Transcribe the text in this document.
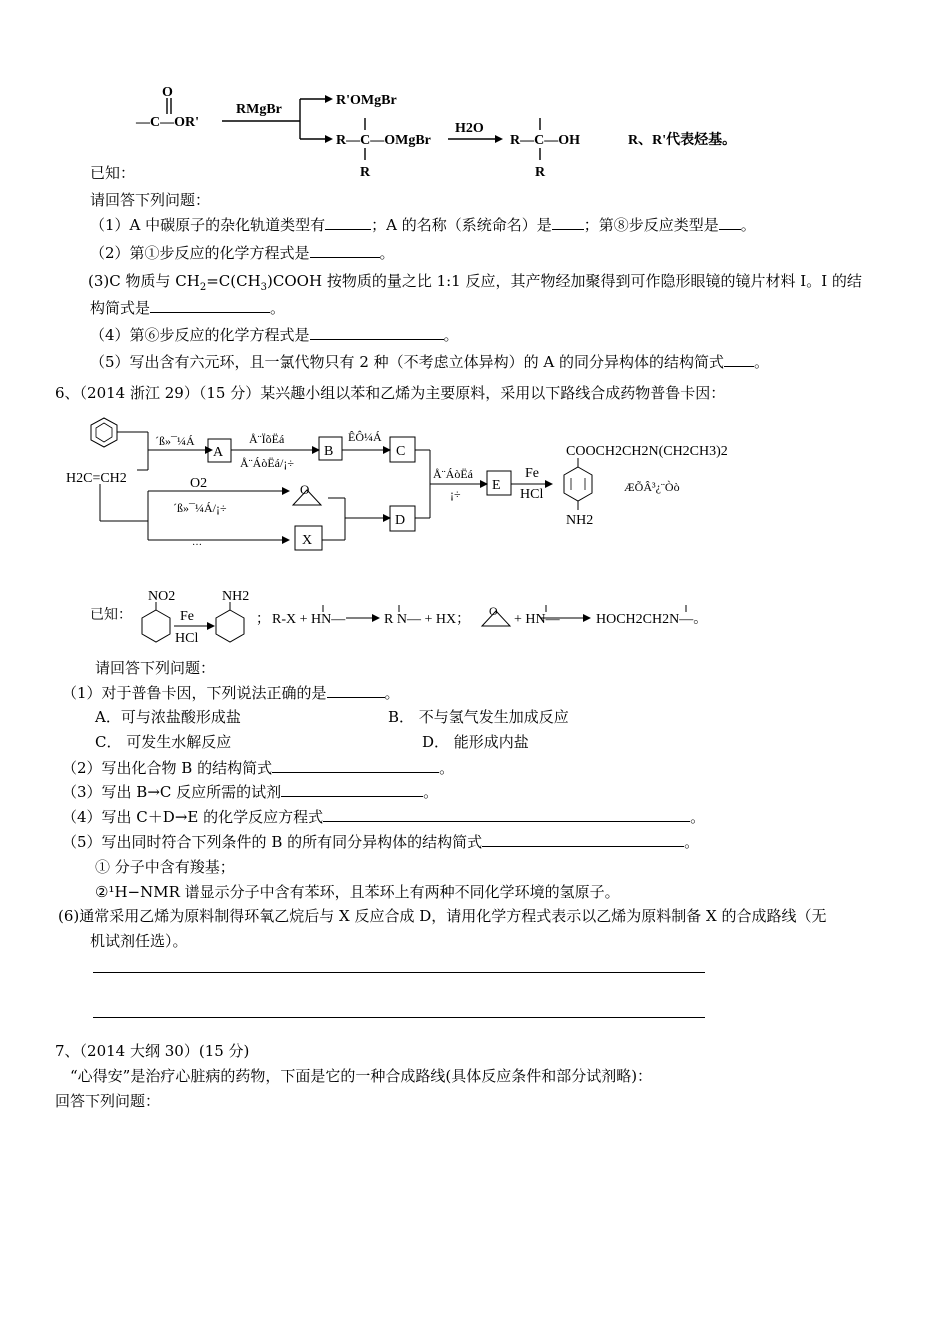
O
—C—OR'
RMgBr
R'OMgBr
R—C—OMgBr
R
H2O
R—C—OH
R
R、R'代表烃基。
已知：
请回答下列问题：
（1）A 中碳原子的杂化轨道类型有	；A 的名称（系统命名）是 ；第⑧步反应类型是 。
（2）第①步反应的化学方程式是	。
(3)C 物质与 $CH_2=C(CH_3)COOH$ 按物质的量之比 1:1 反应，其产物经加聚得到可作隐形眼镜的镜片材料 I。I 的结
构简式是	。
（4）第⑥步反应的化学方程式是	。
（5）写出含有六元环，且一氯代物只有 2 种（不考虑立体异构）的 A 的同分异构体的结构简式 。
6、（2014 浙江 29）（15 分）某兴趣小组以苯和乙烯为主要原料，采用以下路线合成药物普鲁卡因：
H2C=CH2
´ß»¯¼Á
A
Å¨ÏõËá
Å¨ÁòËá/¡÷
B
ÊÔ¼Á
C
O2
´ß»¯¼Á/¡÷
O
…	X
D
Å¨ÁòËá
¡÷
E
Fe
HCl
COOCH2CH2N(CH2CH3)2
NH2
ÆÕÂ³¿¨Òò
已知：
NO2	NH2
Fe
HCl
； R-X + HN—	R N— + HX；
O
+ HN—	HOCH2CH2N—。
请回答下列问题：
（1）对于普鲁卡因，下列说法正确的是	。
A．可与浓盐酸形成盐	B． 不与氢气发生加成反应
C． 可发生水解反应	D． 能形成内盐
（2）写出化合物 B 的结构简式	。
（3）写出 B→C 反应所需的试剂	。
（4）写出 C＋D→E 的化学反应方程式	。
（5）写出同时符合下列条件的 B 的所有同分异构体的结构简式	。
① 分子中含有羧基；
②¹H−NMR 谱显示分子中含有苯环，且苯环上有两种不同化学环境的氢原子。
(6)通常采用乙烯为原料制得环氧乙烷后与 X 反应合成 D，请用化学方程式表示以乙烯为原料制备 X 的合成路线（无
机试剂任选）。
7、（2014 大纲 30）(15 分)
“心得安”是治疗心脏病的药物，下面是它的一种合成路线(具体反应条件和部分试剂略)：
回答下列问题：
